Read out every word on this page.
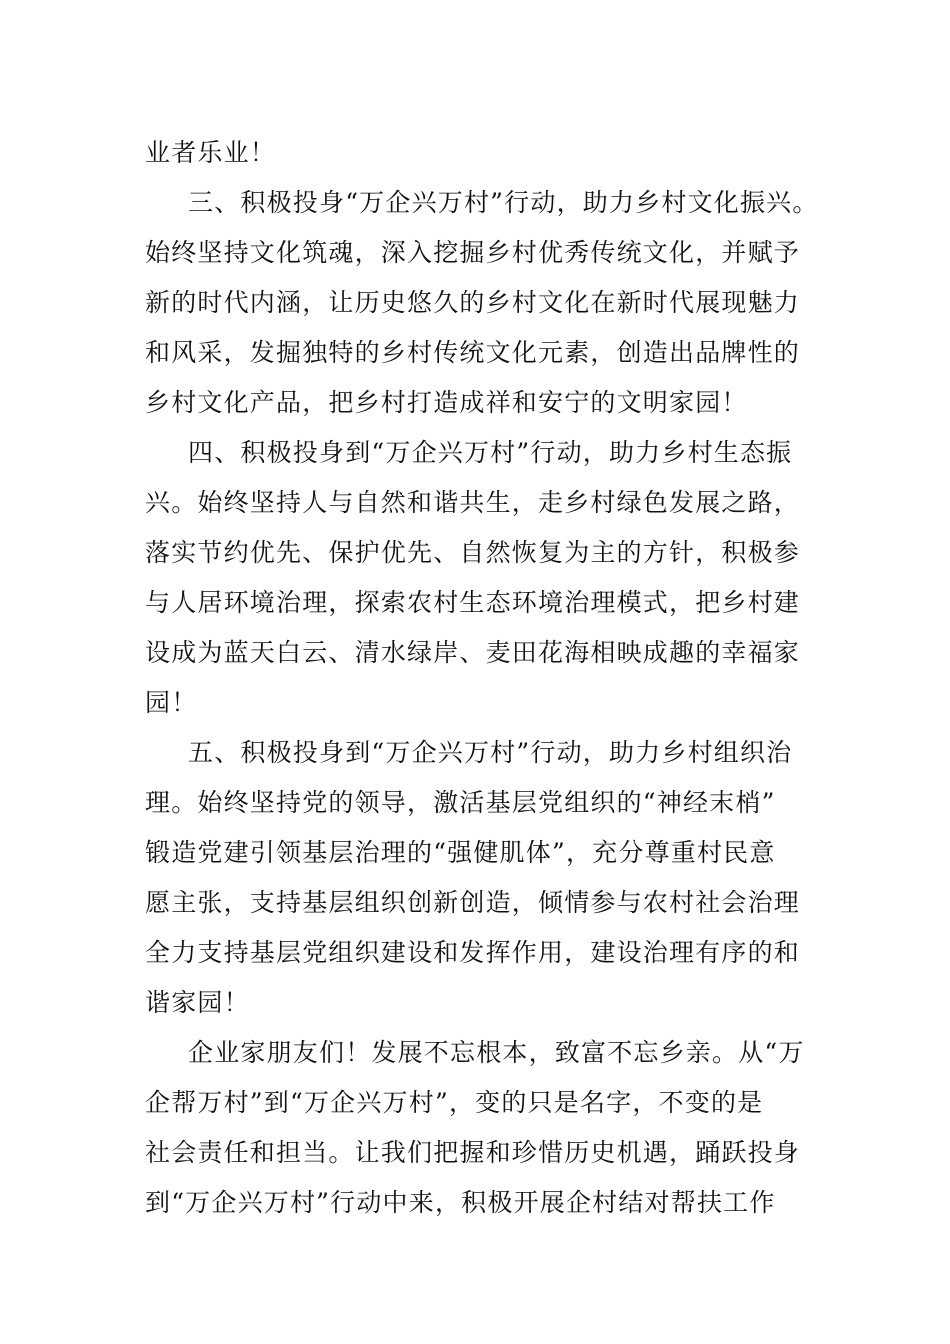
业者乐业！

三、积极投身“万企兴万村”行动，助力乡村文化振兴。

始终坚持文化筑魂，深入挖掘乡村优秀传统文化，并赋予

新的时代内涵，让历史悠久的乡村文化在新时代展现魅力

和风采，发掘独特的乡村传统文化元素，创造出品牌性的

乡村文化产品，把乡村打造成祥和安宁的文明家园！

四、积极投身到“万企兴万村”行动，助力乡村生态振

兴。始终坚持人与自然和谐共生，走乡村绿色发展之路，

落实节约优先、保护优先、自然恢复为主的方针，积极参

与人居环境治理，探索农村生态环境治理模式，把乡村建

设成为蓝天白云、清水绿岸、麦田花海相映成趣的幸福家

园！

五、积极投身到“万企兴万村”行动，助力乡村组织治

理。始终坚持党的领导，激活基层党组织的“神经末梢”

锻造党建引领基层治理的“强健肌体”，充分尊重村民意

愿主张，支持基层组织创新创造，倾情参与农村社会治理

全力支持基层党组织建设和发挥作用，建设治理有序的和

谐家园！

企业家朋友们！发展不忘根本，致富不忘乡亲。从“万

企帮万村”到“万企兴万村”，变的只是名字，不变的是

社会责任和担当。让我们把握和珍惜历史机遇，踊跃投身

到“万企兴万村”行动中来，积极开展企村结对帮扶工作
